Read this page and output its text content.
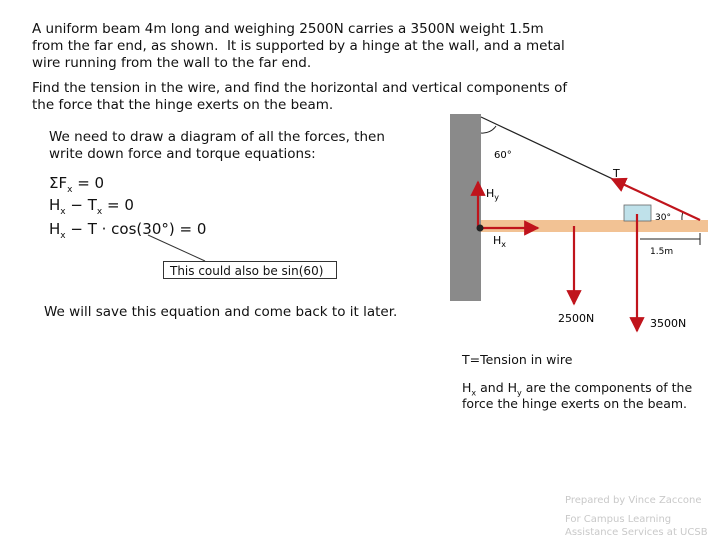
A uniform beam 4m long and weighing 2500N carries a 3500N weight 1.5m
from the far end, as shown.  It is supported by a hinge at the wall, and a metal
wire running from the wall to the far end.
Find the tension in the wire, and find the horizontal and vertical components of
the force that the hinge exerts on the beam.
We need to draw a diagram of all the forces, then
write down force and torque equations:
$\Sigma F_x = 0$
$H_x - T_x = 0$
$H_x - T \cdot \cos(30^\circ) = 0$
This could also be sin(60)
We will save this equation and come back to it later.
60°
T
$H_y$
30°
$H_x$
1.5m
2500N	3500N
T=Tension in wire
$H_x$ and $H_y$ are the components of the
force the hinge exerts on the beam.
Prepared by Vince Zaccone
For Campus Learning
Assistance Services at UCSB
